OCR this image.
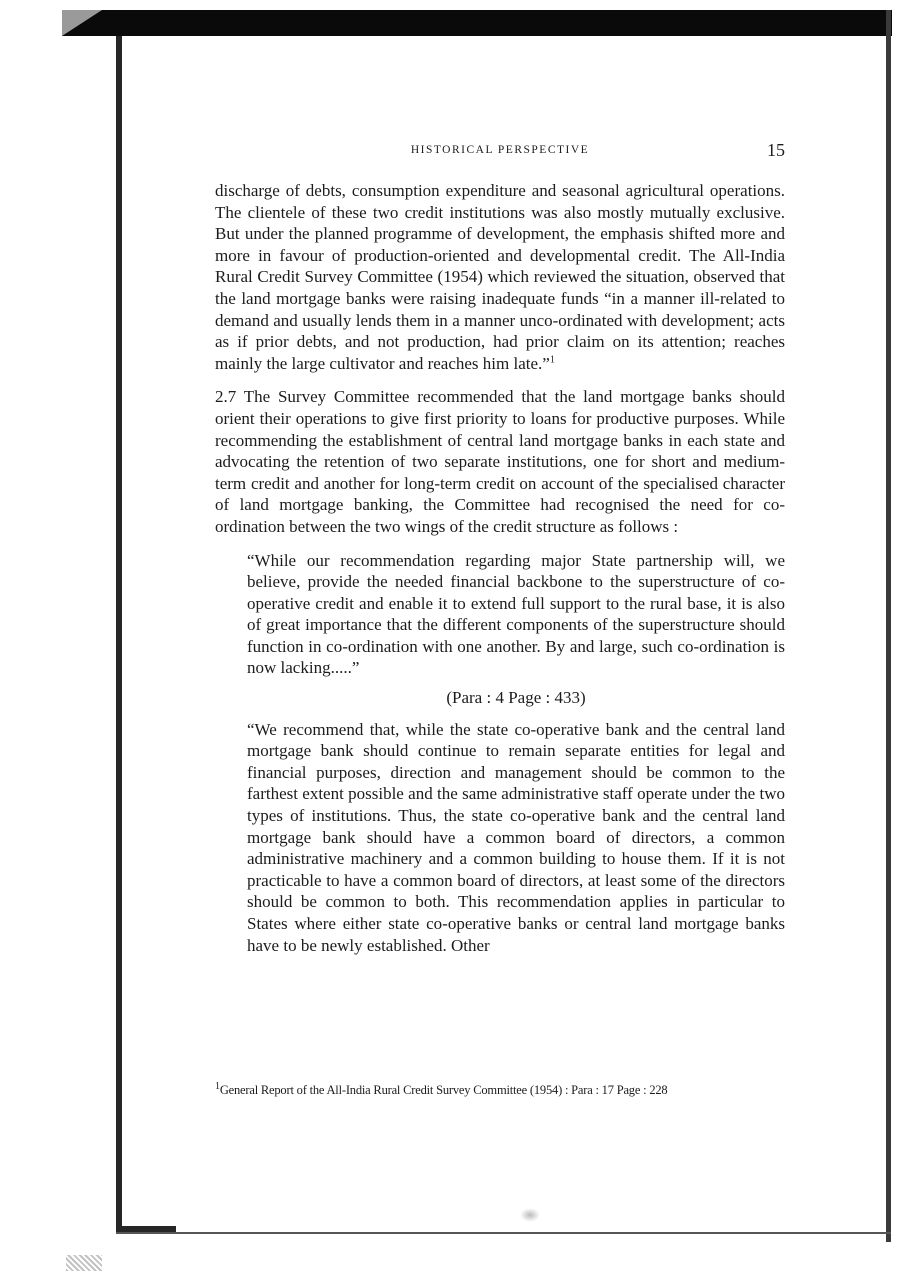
HISTORICAL PERSPECTIVE	15

discharge of debts, consumption expenditure and seasonal agricultural operations. The clientele of these two credit institutions was also mostly mutually exclusive. But under the planned programme of development, the emphasis shifted more and more in favour of production-oriented and developmental credit. The All-India Rural Credit Survey Committee (1954) which reviewed the situation, observed that the land mortgage banks were raising inadequate funds “in a manner ill-related to demand and usually lends them in a manner unco-ordinated with development; acts as if prior debts, and not production, had prior claim on its attention; reaches mainly the large cultivator and reaches him late.”$^1$

2.7 The Survey Committee recommended that the land mortgage banks should orient their operations to give first priority to loans for productive purposes. While recommending the establishment of central land mortgage banks in each state and advocating the retention of two separate institutions, one for short and medium-term credit and another for long-term credit on account of the specialised character of land mortgage banking, the Committee had recognised the need for co-ordination between the two wings of the credit structure as follows :

“While our recommendation regarding major State partnership will, we believe, provide the needed financial backbone to the superstructure of co-operative credit and enable it to extend full support to the rural base, it is also of great importance that the different components of the superstructure should function in co-ordination with one another. By and large, such co-ordination is now lacking.....”

(Para : 4 Page : 433)

“We recommend that, while the state co-operative bank and the central land mortgage bank should continue to remain separate entities for legal and financial purposes, direction and management should be common to the farthest extent possible and the same administrative staff operate under the two types of institutions. Thus, the state co-operative bank and the central land mortgage bank should have a common board of directors, a common administrative machinery and a common building to house them. If it is not practicable to have a common board of directors, at least some of the directors should be common to both. This recommendation applies in particular to States where either state co-operative banks or central land mortgage banks have to be newly established. Other

$^1$General Report of the All-India Rural Credit Survey Committee (1954) : Para : 17 Page : 228
